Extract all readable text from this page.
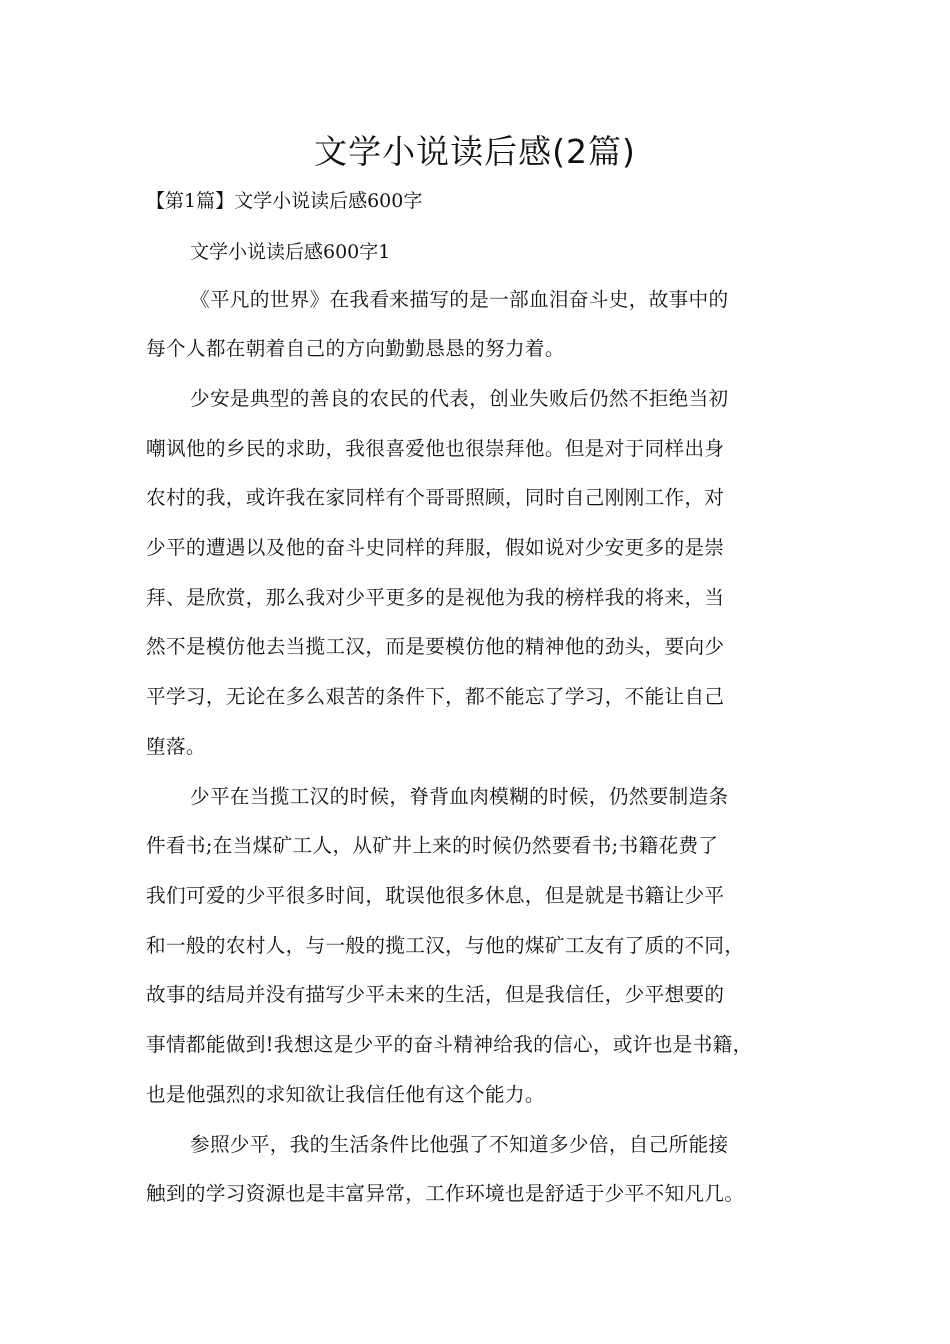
文学小说读后感(2篇)
【第1篇】文学小说读后感600字
文学小说读后感600字1
《平凡的世界》在我看来描写的是一部血泪奋斗史，故事中的
每个人都在朝着自己的方向勤勤恳恳的努力着。
少安是典型的善良的农民的代表，创业失败后仍然不拒绝当初
嘲讽他的乡民的求助，我很喜爱他也很崇拜他。但是对于同样出身
农村的我，或许我在家同样有个哥哥照顾，同时自己刚刚工作，对
少平的遭遇以及他的奋斗史同样的拜服，假如说对少安更多的是崇
拜、是欣赏，那么我对少平更多的是视他为我的榜样我的将来，当
然不是模仿他去当揽工汉，而是要模仿他的精神他的劲头，要向少
平学习，无论在多么艰苦的条件下，都不能忘了学习，不能让自己
堕落。
少平在当揽工汉的时候，脊背血肉模糊的时候，仍然要制造条
件看书;在当煤矿工人，从矿井上来的时候仍然要看书;书籍花费了
我们可爱的少平很多时间，耽误他很多休息，但是就是书籍让少平
和一般的农村人，与一般的揽工汉，与他的煤矿工友有了质的不同，
故事的结局并没有描写少平未来的生活，但是我信任，少平想要的
事情都能做到!我想这是少平的奋斗精神给我的信心，或许也是书籍，
也是他强烈的求知欲让我信任他有这个能力。
参照少平，我的生活条件比他强了不知道多少倍，自己所能接
触到的学习资源也是丰富异常，工作环境也是舒适于少平不知凡几。
